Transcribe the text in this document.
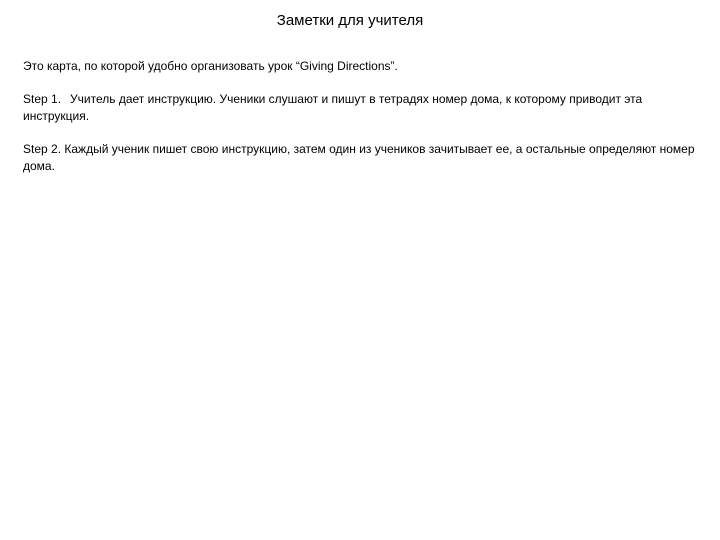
Заметки для учителя

Это карта, по которой удобно организовать урок “Giving Directions”.

Step 1. Учитель дает инструкцию. Ученики слушают и пишут в тетрадях номер дома, к которому приводит эта инструкция.

Step 2. Каждый ученик пишет свою инструкцию, затем один из учеников зачитывает ее, а остальные определяют номер дома.
